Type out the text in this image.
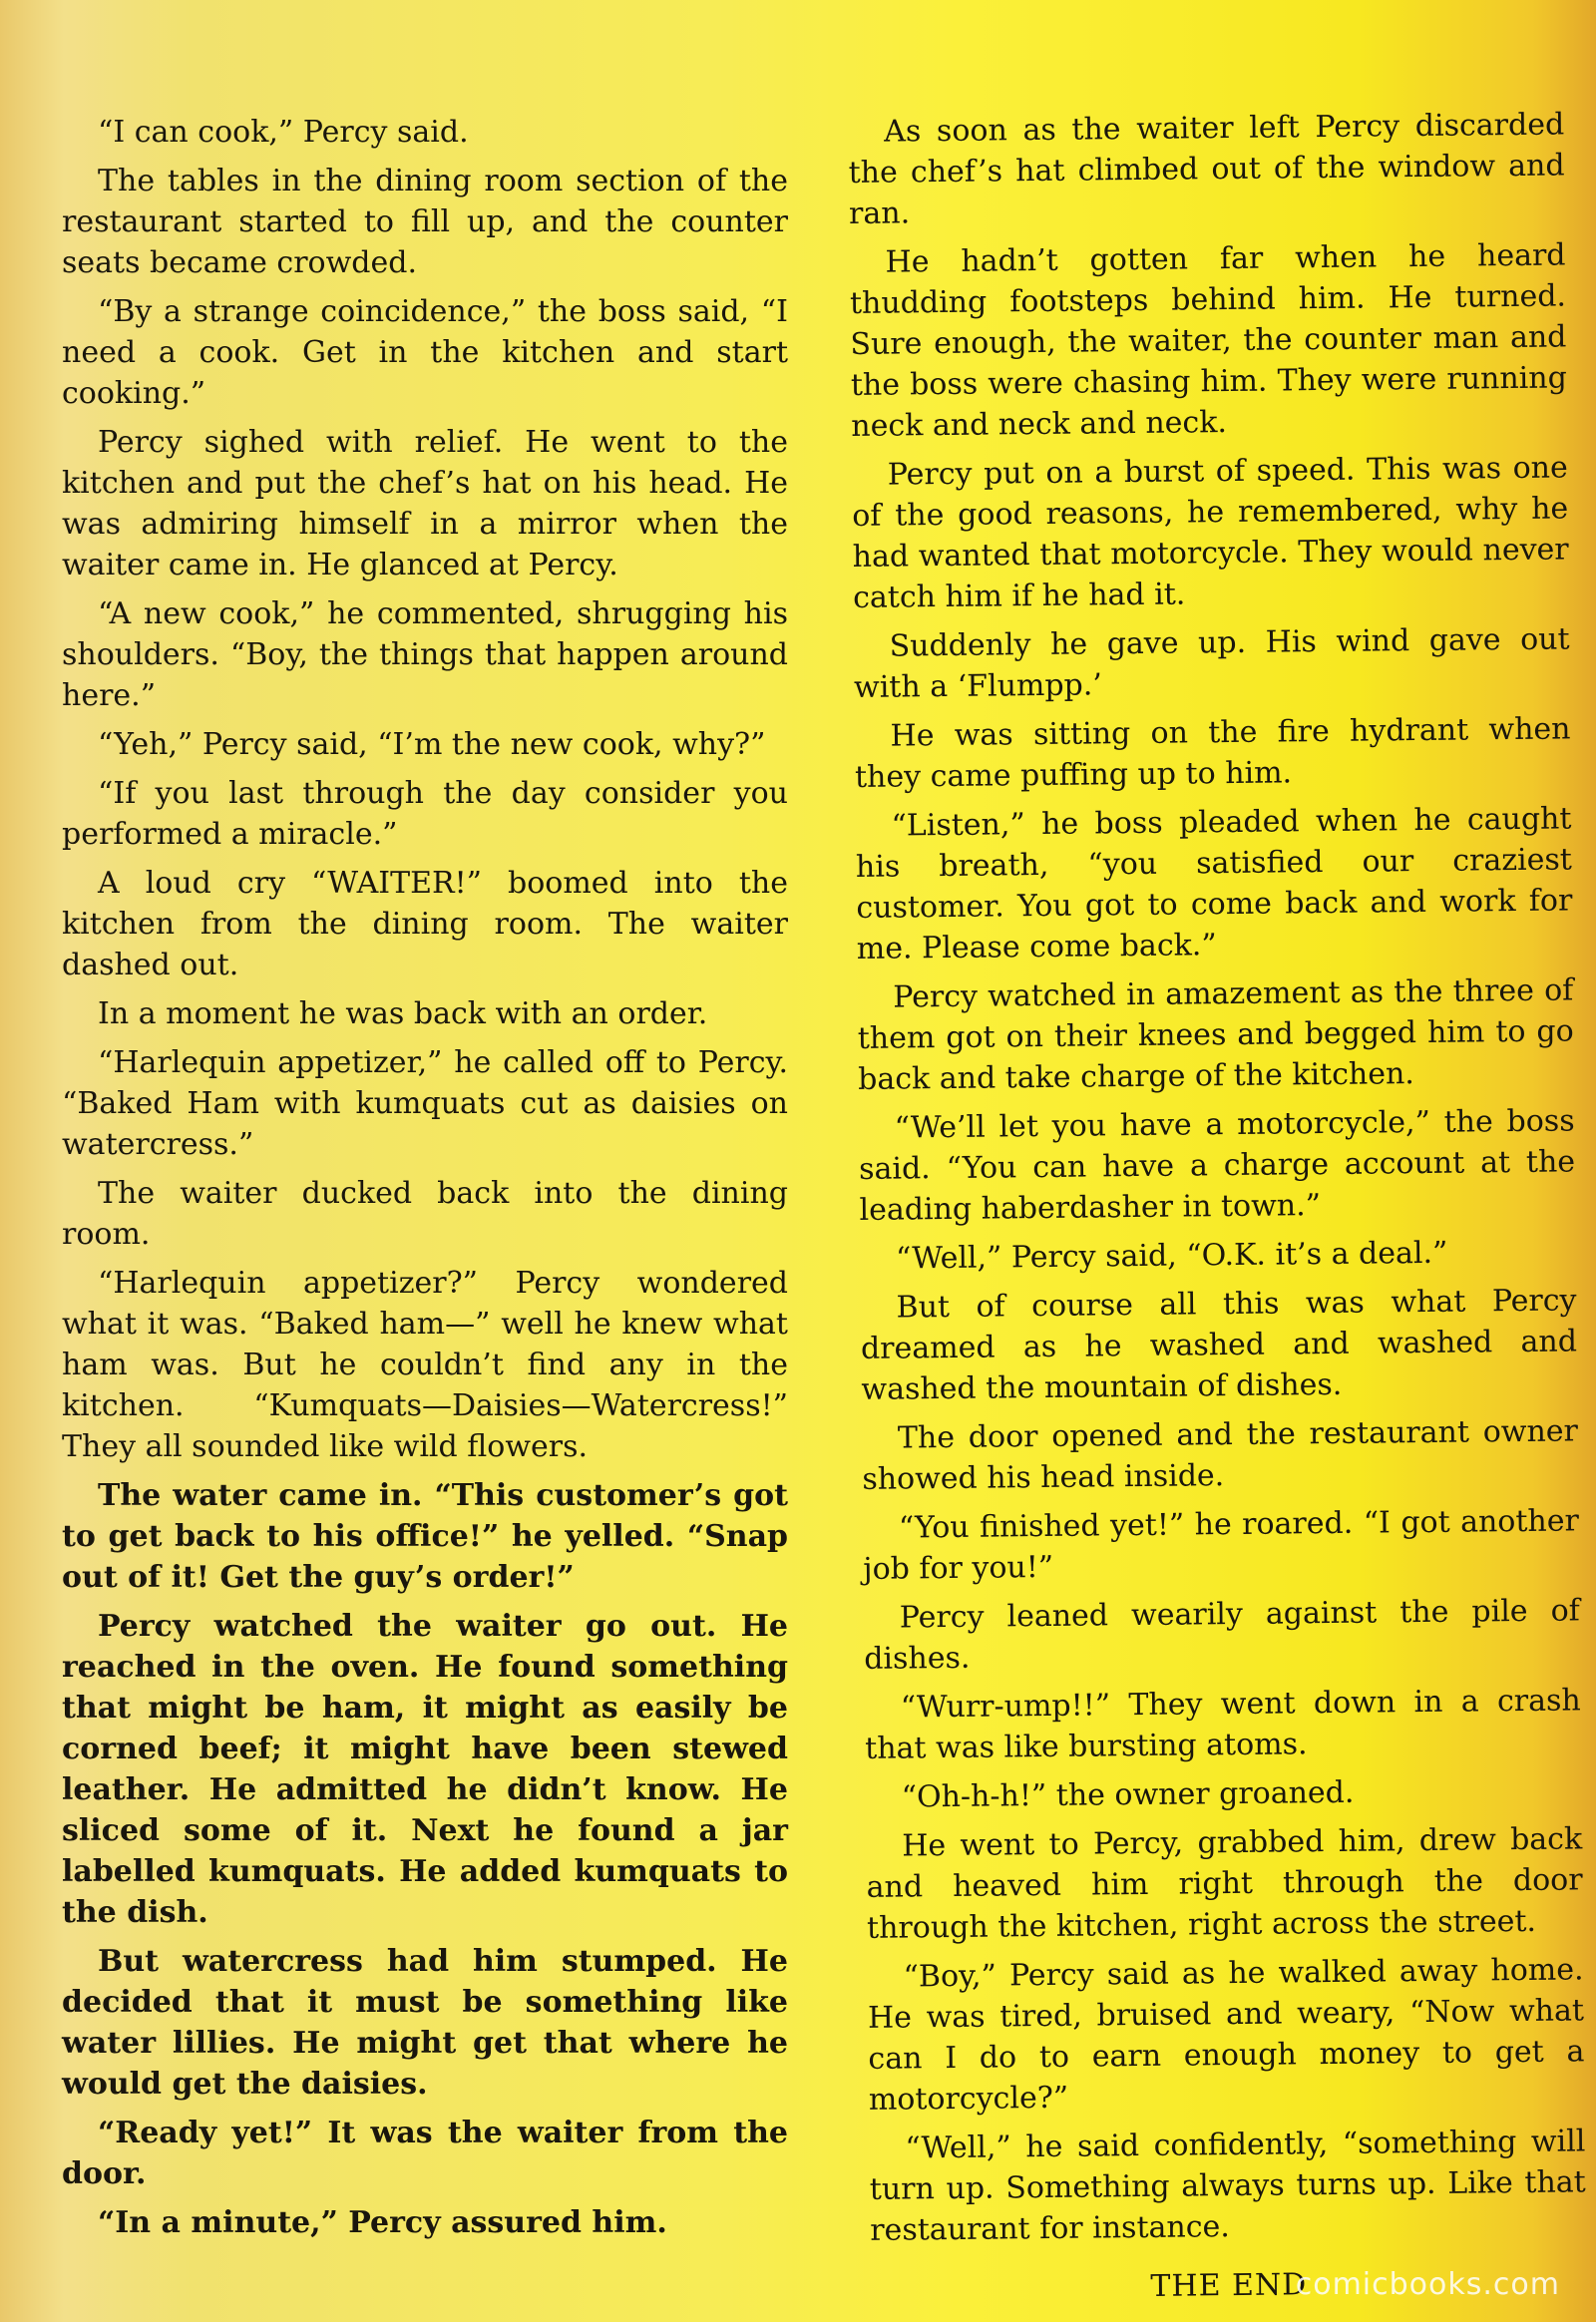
“I can cook,” Percy said.

The tables in the dining room section of the restaurant started to fill up, and the counter seats became crowded.

“By a strange coincidence,” the boss said, “I need a cook. Get in the kitchen and start cooking.”

Percy sighed with relief. He went to the kitchen and put the chef’s hat on his head. He was admiring himself in a mirror when the waiter came in. He glanced at Percy.

“A new cook,” he commented, shrugging his shoulders. “Boy, the things that happen around here.”

“Yeh,” Percy said, “I’m the new cook, why?”

“If you last through the day consider you performed a miracle.”

A loud cry “WAITER!” boomed into the kitchen from the dining room. The waiter dashed out.

In a moment he was back with an order.

“Harlequin appetizer,” he called off to Percy. “Baked Ham with kumquats cut as daisies on watercress.”

The waiter ducked back into the dining room.

“Harlequin appetizer?” Percy wondered what it was. “Baked ham—” well he knew what ham was. But he couldn’t find any in the kitchen. “Kumquats—Daisies—Watercress!” They all sounded like wild flowers.

The water came in. “This customer’s got to get back to his office!” he yelled. “Snap out of it! Get the guy’s order!”

Percy watched the waiter go out. He reached in the oven. He found something that might be ham, it might as easily be corned beef; it might have been stewed leather. He admitted he didn’t know. He sliced some of it. Next he found a jar labelled kumquats. He added kumquats to the dish.

But watercress had him stumped. He decided that it must be something like water lillies. He might get that where he would get the daisies.

“Ready yet!” It was the waiter from the door.

“In a minute,” Percy assured him.

As soon as the waiter left Percy discarded the chef’s hat climbed out of the window and ran.

He hadn’t gotten far when he heard thudding footsteps behind him. He turned. Sure enough, the waiter, the counter man and the boss were chasing him. They were running neck and neck and neck.

Percy put on a burst of speed. This was one of the good reasons, he remembered, why he had wanted that motorcycle. They would never catch him if he had it.

Suddenly he gave up. His wind gave out with a ‘Flumpp.’

He was sitting on the fire hydrant when they came puffing up to him.

“Listen,” he boss pleaded when he caught his breath, “you satisfied our craziest customer. You got to come back and work for me. Please come back.”

Percy watched in amazement as the three of them got on their knees and begged him to go back and take charge of the kitchen.

“We’ll let you have a motorcycle,” the boss said. “You can have a charge account at the leading haberdasher in town.”

“Well,” Percy said, “O.K. it’s a deal.”

But of course all this was what Percy dreamed as he washed and washed and washed the mountain of dishes.

The door opened and the restaurant owner showed his head inside.

“You finished yet!” he roared. “I got another job for you!”

Percy leaned wearily against the pile of dishes.

“Wurr-ump!!” They went down in a crash that was like bursting atoms.

“Oh-h-h!” the owner groaned.

He went to Percy, grabbed him, drew back and heaved him right through the door through the kitchen, right across the street.

“Boy,” Percy said as he walked away home. He was tired, bruised and weary, “Now what can I do to earn enough money to get a motorcycle?”

“Well,” he said confidently, “something will turn up. Something always turns up. Like that restaurant for instance.

THE END

comicbooks.com
